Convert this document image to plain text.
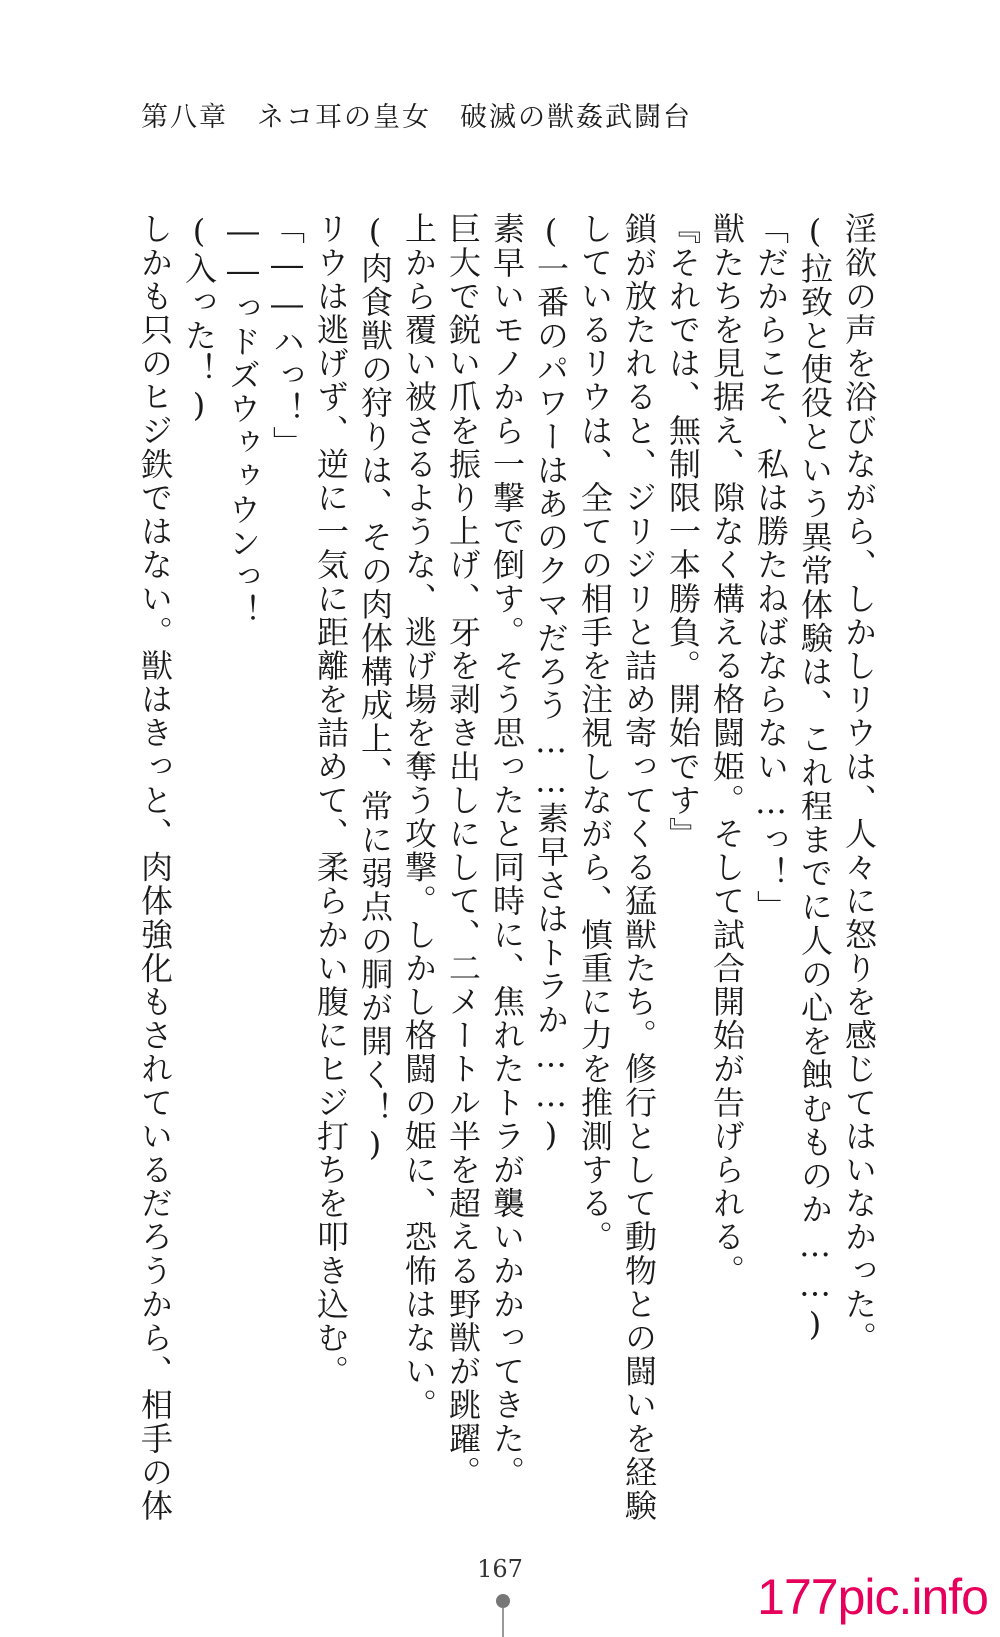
第八章　ネコ耳の皇女　破滅の獣姦武闘台
淫欲の声を浴びながら、しかしリウは、人々に怒りを感じてはいなかった。
(拉致と使役という異常体験は、これ程までに人の心を蝕むものか……)
「だからこそ、私は勝たねばならない…っ！」
獣たちを見据え、隙なく構える格闘姫。そして試合開始が告げられる。
『それでは、無制限一本勝負。開始です』
鎖が放たれると、ジリジリと詰め寄ってくる猛獣たち。修行として動物との闘いを経験
しているリウは、全ての相手を注視しながら、慎重に力を推測する。
(一番のパワーはあのクマだろう……素早さはトラか……)
素早いモノから一撃で倒す。そう思ったと同時に、焦れたトラが襲いかかってきた。
巨大で鋭い爪を振り上げ、牙を剥き出しにして、二メートル半を超える野獣が跳躍。
上から覆い被さるような、逃げ場を奪う攻撃。しかし格闘の姫に、恐怖はない。
(肉食獣の狩りは、その肉体構成上、常に弱点の胴が開く！)
リウは逃げず、逆に一気に距離を詰めて、柔らかい腹にヒジ打ちを叩き込む。
「――ハっ！」
――っドズウゥゥウンっ！
(入った！)
しかも只のヒジ鉄ではない。獣はきっと、肉体強化もされているだろうから、相手の体
167	177pic.info
